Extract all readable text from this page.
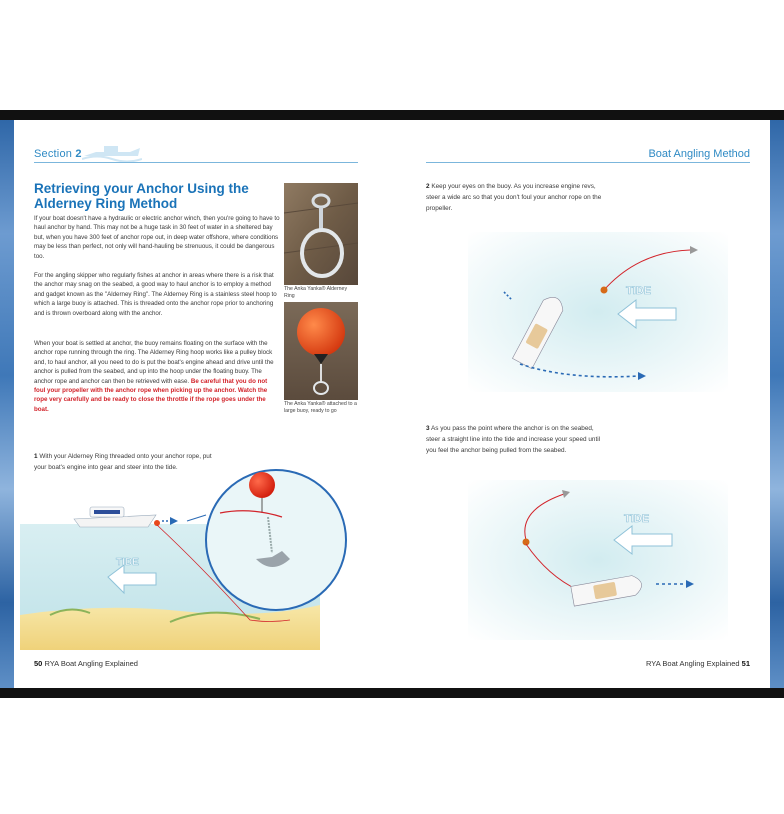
Section 2	Boat Angling Method
Retrieving your Anchor Using the Alderney Ring Method
If your boat doesn't have a hydraulic or electric anchor winch, then you're going to have to haul anchor by hand. This may not be a huge task in 30 feet of water in a sheltered bay but, when you have 300 feet of anchor rope out, in deep water offshore, where conditions may be less than perfect, not only will hand-hauling be strenuous, it could be dangerous too.
For the angling skipper who regularly fishes at anchor in areas where there is a risk that the anchor may snag on the seabed, a good way to haul anchor is to employ a method and gadget known as the "Alderney Ring". The Alderney Ring is a stainless steel hoop to which a large buoy is attached. This is threaded onto the anchor rope prior to anchoring and is thrown overboard along with the anchor.
When your boat is settled at anchor, the buoy remains floating on the surface with the anchor rope running through the ring. The Alderney Ring hoop works like a pulley block and, to haul anchor, all you need to do is put the boat's engine ahead and drive until the anchor is pulled from the seabed, and up into the hoop under the floating buoy. The anchor rope and anchor can then be retrieved with ease. Be careful that you do not foul your propeller with the anchor rope when picking up the anchor. Watch the rope very carefully and be ready to close the throttle if the rope goes under the boat.
The Anka Yanka® Alderney Ring
The Anka Yanka® attached to a large buoy, ready to go
1 With your Alderney Ring threaded onto your anchor rope, put your boat's engine into gear and steer into the tide.
TIDE
2 Keep your eyes on the buoy. As you increase engine revs, steer a wide arc so that you don't foul your anchor rope on the propeller.
TIDE
3 As you pass the point where the anchor is on the seabed, steer a straight line into the tide and increase your speed until you feel the anchor being pulled from the seabed.
TIDE
50 RYA Boat Angling Explained	RYA Boat Angling Explained 51
